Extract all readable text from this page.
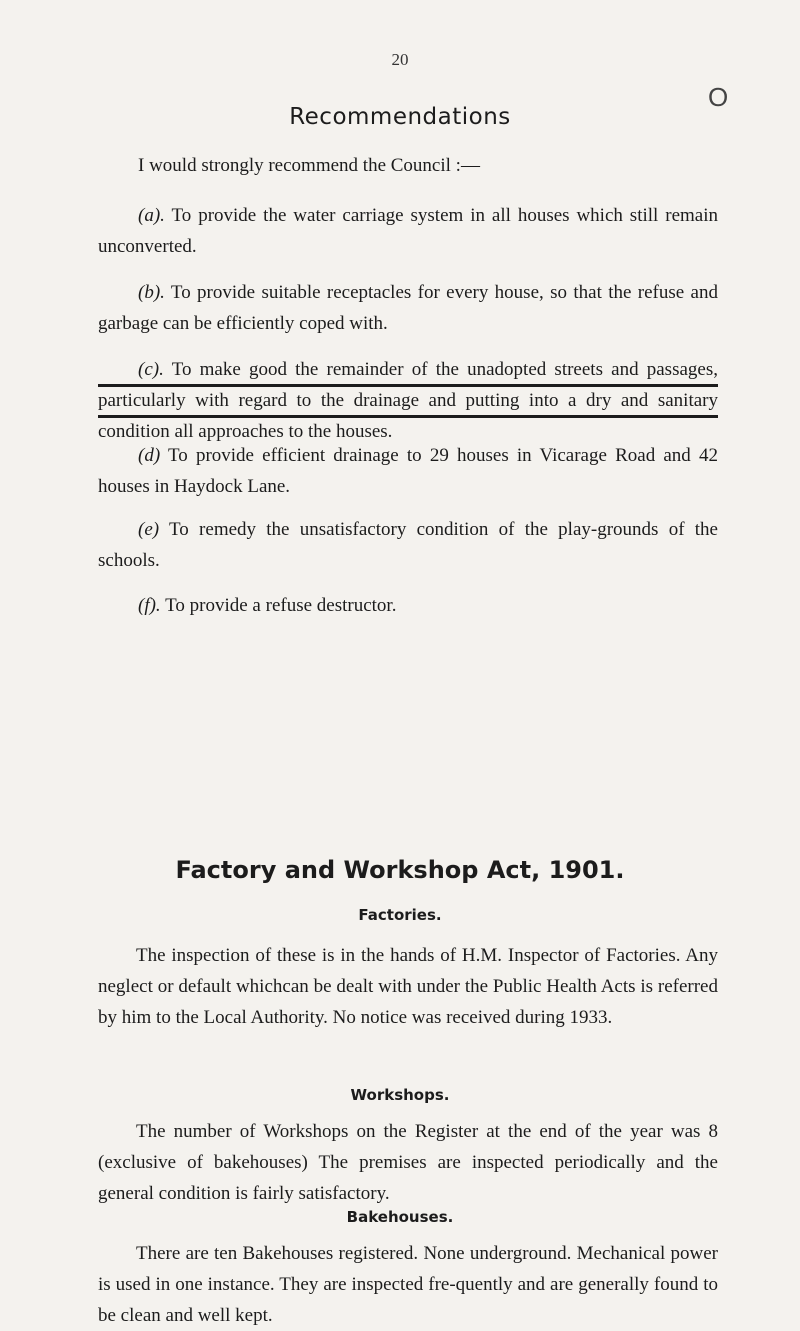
20
O
Recommendations
I would strongly recommend the Council :—
(a). To provide the water carriage system in all houses which still remain unconverted.
(b). To provide suitable receptacles for every house, so that the refuse and garbage can be efficiently coped with.
(c). To make good the remainder of the unadopted streets and passages, particularly with regard to the drainage and putting into a dry and sanitary condition all approaches to the houses.
(d) To provide efficient drainage to 29 houses in Vicarage Road and 42 houses in Haydock Lane.
(e) To remedy the unsatisfactory condition of the play-grounds of the schools.
(f). To provide a refuse destructor.
Factory and Workshop Act, 1901.
Factories.
The inspection of these is in the hands of H.M. Inspector of Factories. Any neglect or default whichcan be dealt with under the Public Health Acts is referred by him to the Local Authority. No notice was received during 1933.
Workshops.
The number of Workshops on the Register at the end of the year was 8 (exclusive of bakehouses) The premises are inspected periodically and the general condition is fairly satisfactory.
Bakehouses.
There are ten Bakehouses registered. None underground. Mechanical power is used in one instance. They are inspected fre-quently and are generally found to be clean and well kept.
